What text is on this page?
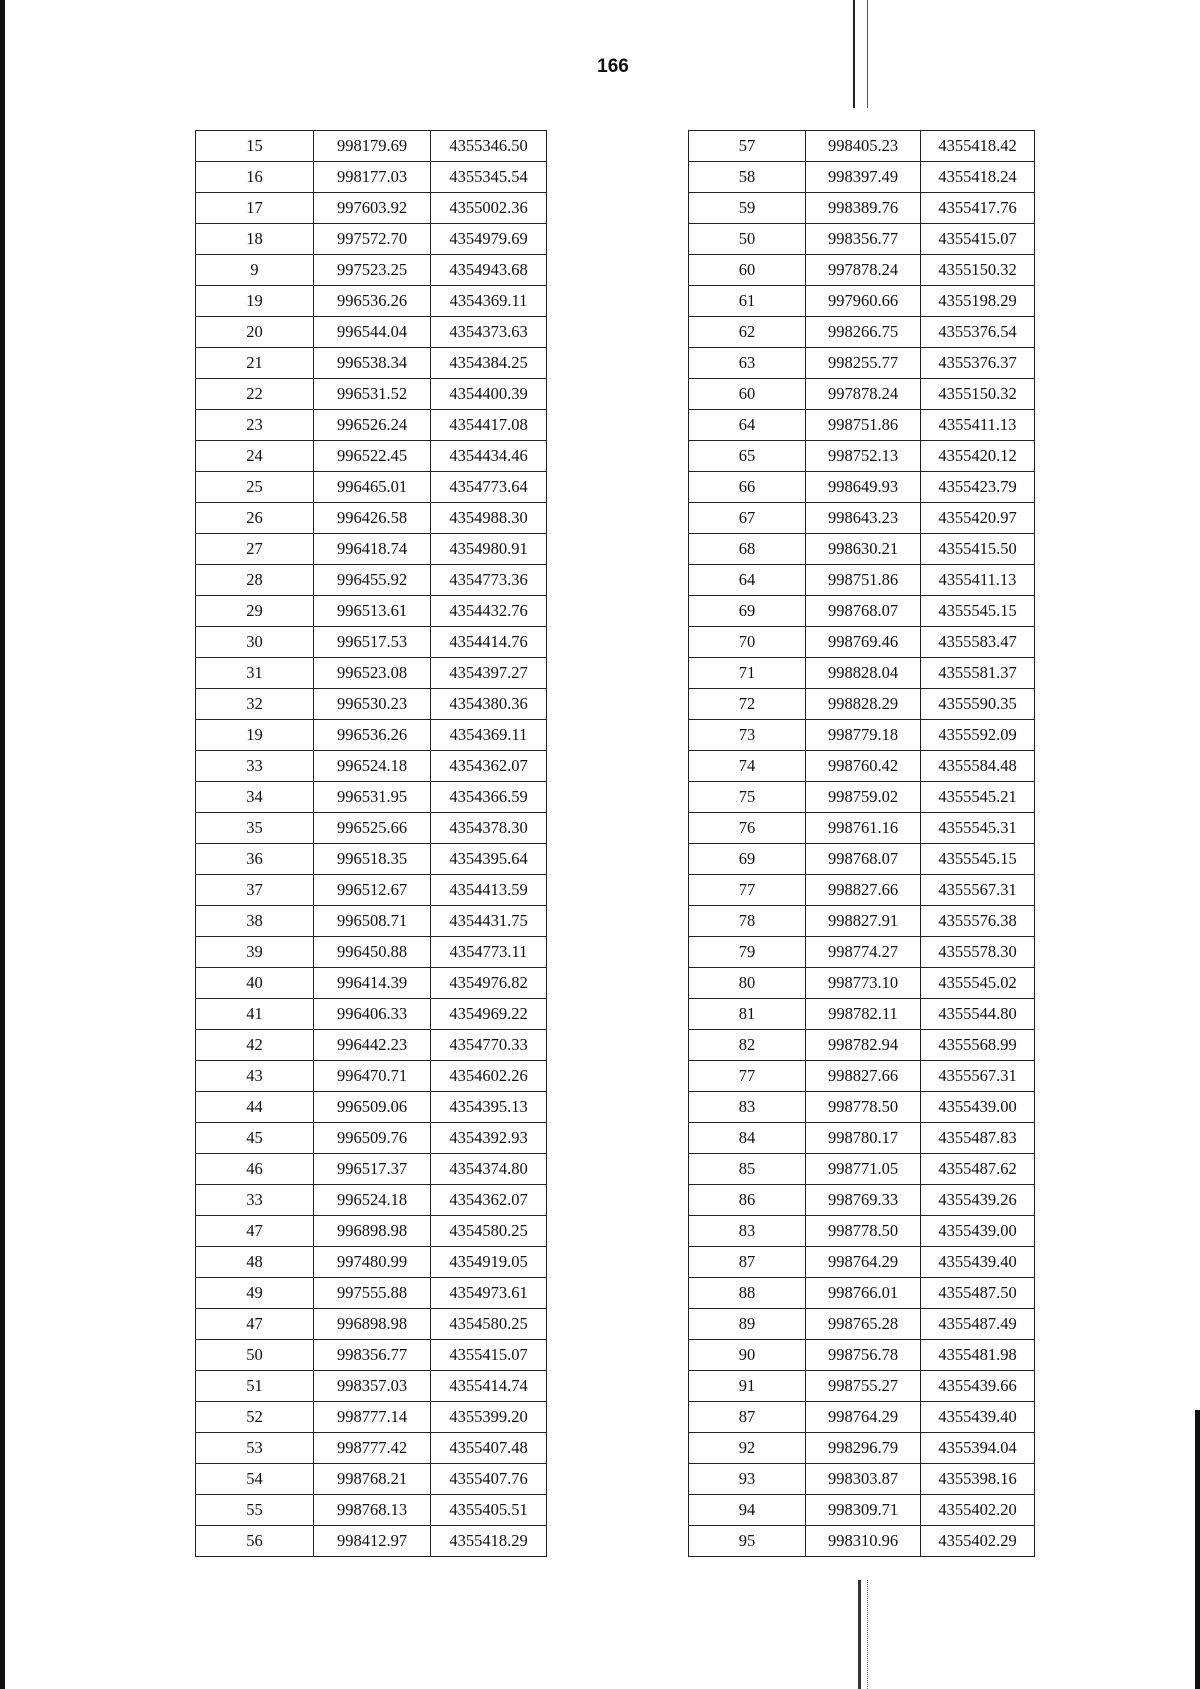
166
15	998179.69	4355346.50
16	998177.03	4355345.54
17	997603.92	4355002.36
18	997572.70	4354979.69
9	997523.25	4354943.68
19	996536.26	4354369.11
20	996544.04	4354373.63
21	996538.34	4354384.25
22	996531.52	4354400.39
23	996526.24	4354417.08
24	996522.45	4354434.46
25	996465.01	4354773.64
26	996426.58	4354988.30
27	996418.74	4354980.91
28	996455.92	4354773.36
29	996513.61	4354432.76
30	996517.53	4354414.76
31	996523.08	4354397.27
32	996530.23	4354380.36
19	996536.26	4354369.11
33	996524.18	4354362.07
34	996531.95	4354366.59
35	996525.66	4354378.30
36	996518.35	4354395.64
37	996512.67	4354413.59
38	996508.71	4354431.75
39	996450.88	4354773.11
40	996414.39	4354976.82
41	996406.33	4354969.22
42	996442.23	4354770.33
43	996470.71	4354602.26
44	996509.06	4354395.13
45	996509.76	4354392.93
46	996517.37	4354374.80
33	996524.18	4354362.07
47	996898.98	4354580.25
48	997480.99	4354919.05
49	997555.88	4354973.61
47	996898.98	4354580.25
50	998356.77	4355415.07
51	998357.03	4355414.74
52	998777.14	4355399.20
53	998777.42	4355407.48
54	998768.21	4355407.76
55	998768.13	4355405.51
56	998412.97	4355418.29
57	998405.23	4355418.42
58	998397.49	4355418.24
59	998389.76	4355417.76
50	998356.77	4355415.07
60	997878.24	4355150.32
61	997960.66	4355198.29
62	998266.75	4355376.54
63	998255.77	4355376.37
60	997878.24	4355150.32
64	998751.86	4355411.13
65	998752.13	4355420.12
66	998649.93	4355423.79
67	998643.23	4355420.97
68	998630.21	4355415.50
64	998751.86	4355411.13
69	998768.07	4355545.15
70	998769.46	4355583.47
71	998828.04	4355581.37
72	998828.29	4355590.35
73	998779.18	4355592.09
74	998760.42	4355584.48
75	998759.02	4355545.21
76	998761.16	4355545.31
69	998768.07	4355545.15
77	998827.66	4355567.31
78	998827.91	4355576.38
79	998774.27	4355578.30
80	998773.10	4355545.02
81	998782.11	4355544.80
82	998782.94	4355568.99
77	998827.66	4355567.31
83	998778.50	4355439.00
84	998780.17	4355487.83
85	998771.05	4355487.62
86	998769.33	4355439.26
83	998778.50	4355439.00
87	998764.29	4355439.40
88	998766.01	4355487.50
89	998765.28	4355487.49
90	998756.78	4355481.98
91	998755.27	4355439.66
87	998764.29	4355439.40
92	998296.79	4355394.04
93	998303.87	4355398.16
94	998309.71	4355402.20
95	998310.96	4355402.29
